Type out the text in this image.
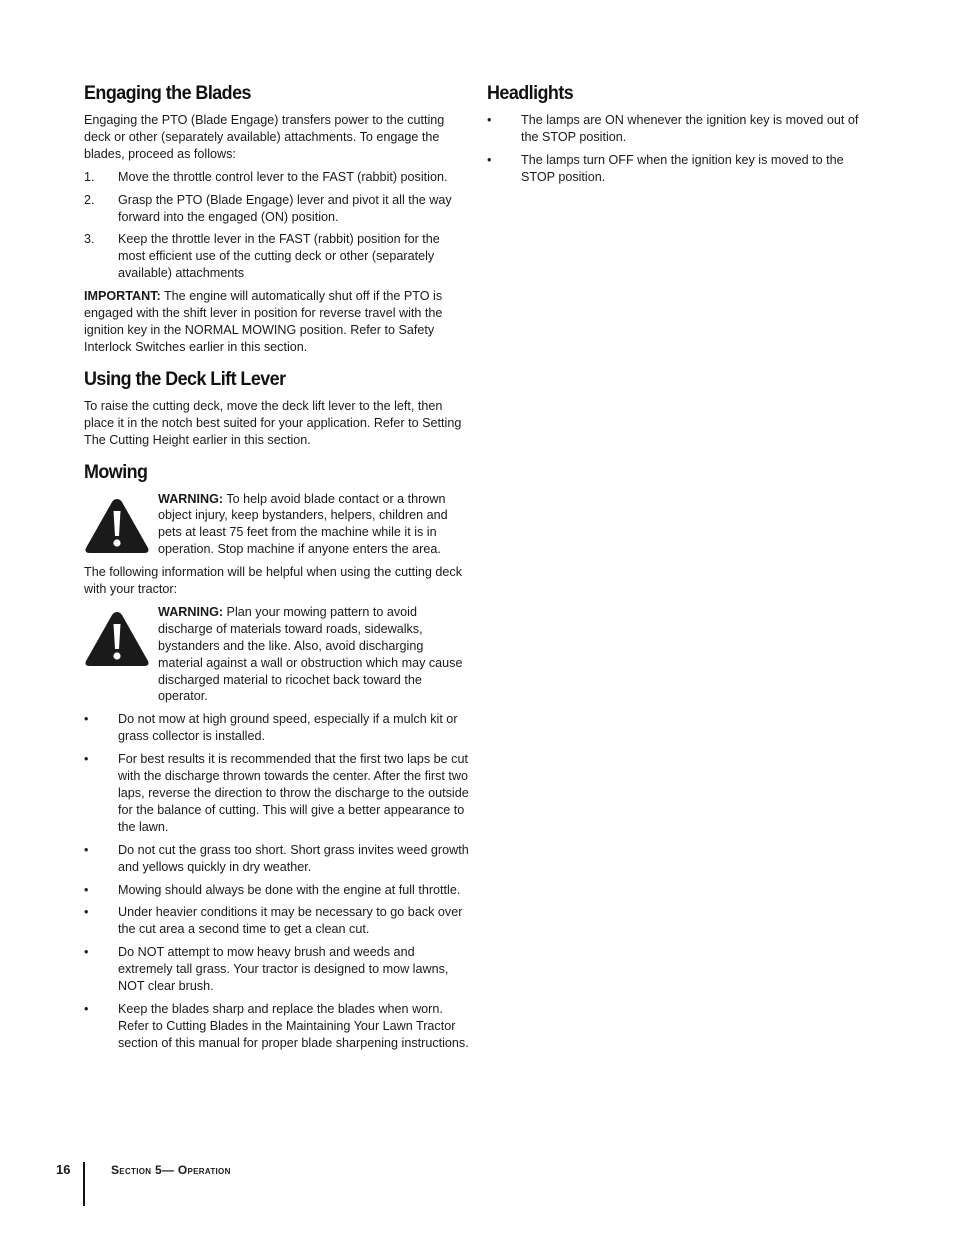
Engaging the Blades

Engaging the PTO (Blade Engage) transfers power to the cutting deck or other (separately available) attachments. To engage the blades, proceed as follows:

1. Move the throttle control lever to the FAST (rabbit) position.
2. Grasp the PTO (Blade Engage) lever and pivot it all the way forward into the engaged (ON) position.
3. Keep the throttle lever in the FAST (rabbit) position for the most efficient use of the cutting deck or other (separately available) attachments

IMPORTANT: The engine will automatically shut off if the PTO is engaged with the shift lever in position for reverse travel with the ignition key in the NORMAL MOWING position. Refer to Safety Interlock Switches earlier in this section.

Using the Deck Lift Lever

To raise the cutting deck, move the deck lift lever to the left, then place it in the notch best suited for your application. Refer to Setting The Cutting Height earlier in this section.

Mowing
WARNING: To help avoid blade contact or a thrown object injury, keep bystanders, helpers, children and pets at least 75 feet from the machine while it is in operation. Stop machine if anyone enters the area.

The following information will be helpful when using the cutting deck with your tractor:

WARNING: Plan your mowing pattern to avoid discharge of materials toward roads, sidewalks, bystanders and the like. Also, avoid discharging material against a wall or obstruction which may cause discharged material to ricochet back toward the operator.
• Do not mow at high ground speed, especially if a mulch kit or grass collector is installed.
• For best results it is recommended that the first two laps be cut with the discharge thrown towards the center. After the first two laps, reverse the direction to throw the discharge to the outside for the balance of cutting. This will give a better appearance to the lawn.
• Do not cut the grass too short. Short grass invites weed growth and yellows quickly in dry weather.
• Mowing should always be done with the engine at full throttle.
• Under heavier conditions it may be necessary to go back over the cut area a second time to get a clean cut.
• Do NOT attempt to mow heavy brush and weeds and extremely tall grass. Your tractor is designed to mow lawns, NOT clear brush.
• Keep the blades sharp and replace the blades when worn. Refer to Cutting Blades in the Maintaining Your Lawn Tractor section of this manual for proper blade sharpening instructions.
Headlights
• The lamps are ON whenever the ignition key is moved out of the STOP position.
• The lamps turn OFF when the ignition key is moved to the STOP position.
16	Section 5— Operation
